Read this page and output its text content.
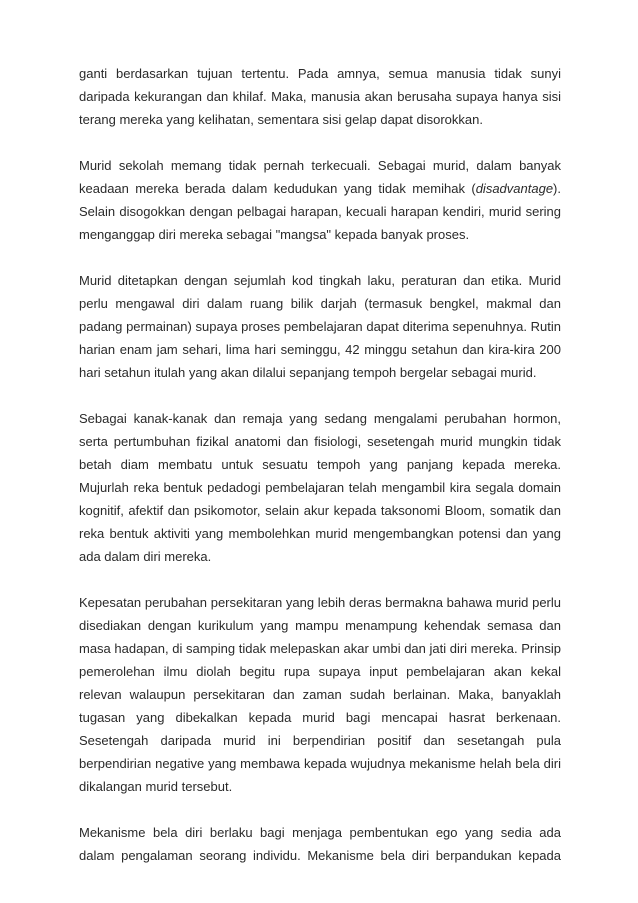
ganti berdasarkan tujuan tertentu. Pada amnya, semua manusia tidak sunyi daripada kekurangan dan khilaf. Maka, manusia akan berusaha supaya hanya sisi terang mereka yang kelihatan, sementara sisi gelap dapat disorokkan.

Murid sekolah memang tidak pernah terkecuali. Sebagai murid, dalam banyak keadaan mereka berada dalam kedudukan yang tidak memihak (disadvantage). Selain disogokkan dengan pelbagai harapan, kecuali harapan kendiri, murid sering menganggap diri mereka sebagai "mangsa" kepada banyak proses.

Murid ditetapkan dengan sejumlah kod tingkah laku, peraturan dan etika. Murid perlu mengawal diri dalam ruang bilik darjah (termasuk bengkel, makmal dan padang permainan) supaya proses pembelajaran dapat diterima sepenuhnya. Rutin harian enam jam sehari, lima hari seminggu, 42 minggu setahun dan kira-kira 200 hari setahun itulah yang akan dilalui sepanjang tempoh bergelar sebagai murid.

Sebagai kanak-kanak dan remaja yang sedang mengalami perubahan hormon, serta pertumbuhan fizikal anatomi dan fisiologi, sesetengah murid mungkin tidak betah diam membatu untuk sesuatu tempoh yang panjang kepada mereka. Mujurlah reka bentuk pedadogi pembelajaran telah mengambil kira segala domain kognitif, afektif dan psikomotor, selain akur kepada taksonomi Bloom, somatik dan reka bentuk aktiviti yang membolehkan murid mengembangkan potensi dan yang ada dalam diri mereka.

Kepesatan perubahan persekitaran yang lebih deras bermakna bahawa murid perlu disediakan dengan kurikulum yang mampu menampung kehendak semasa dan masa hadapan, di samping tidak melepaskan akar umbi dan jati diri mereka. Prinsip pemerolehan ilmu diolah begitu rupa supaya input pembelajaran akan kekal relevan walaupun persekitaran dan zaman sudah berlainan. Maka, banyaklah tugasan yang dibekalkan kepada murid bagi mencapai hasrat berkenaan. Sesetengah daripada murid ini berpendirian positif dan sesetangah pula berpendirian negative yang membawa kepada wujudnya mekanisme helah bela diri dikalangan murid tersebut.

Mekanisme bela diri berlaku bagi menjaga pembentukan ego yang sedia ada dalam pengalaman seorang individu. Mekanisme bela diri berpandukan kepada
